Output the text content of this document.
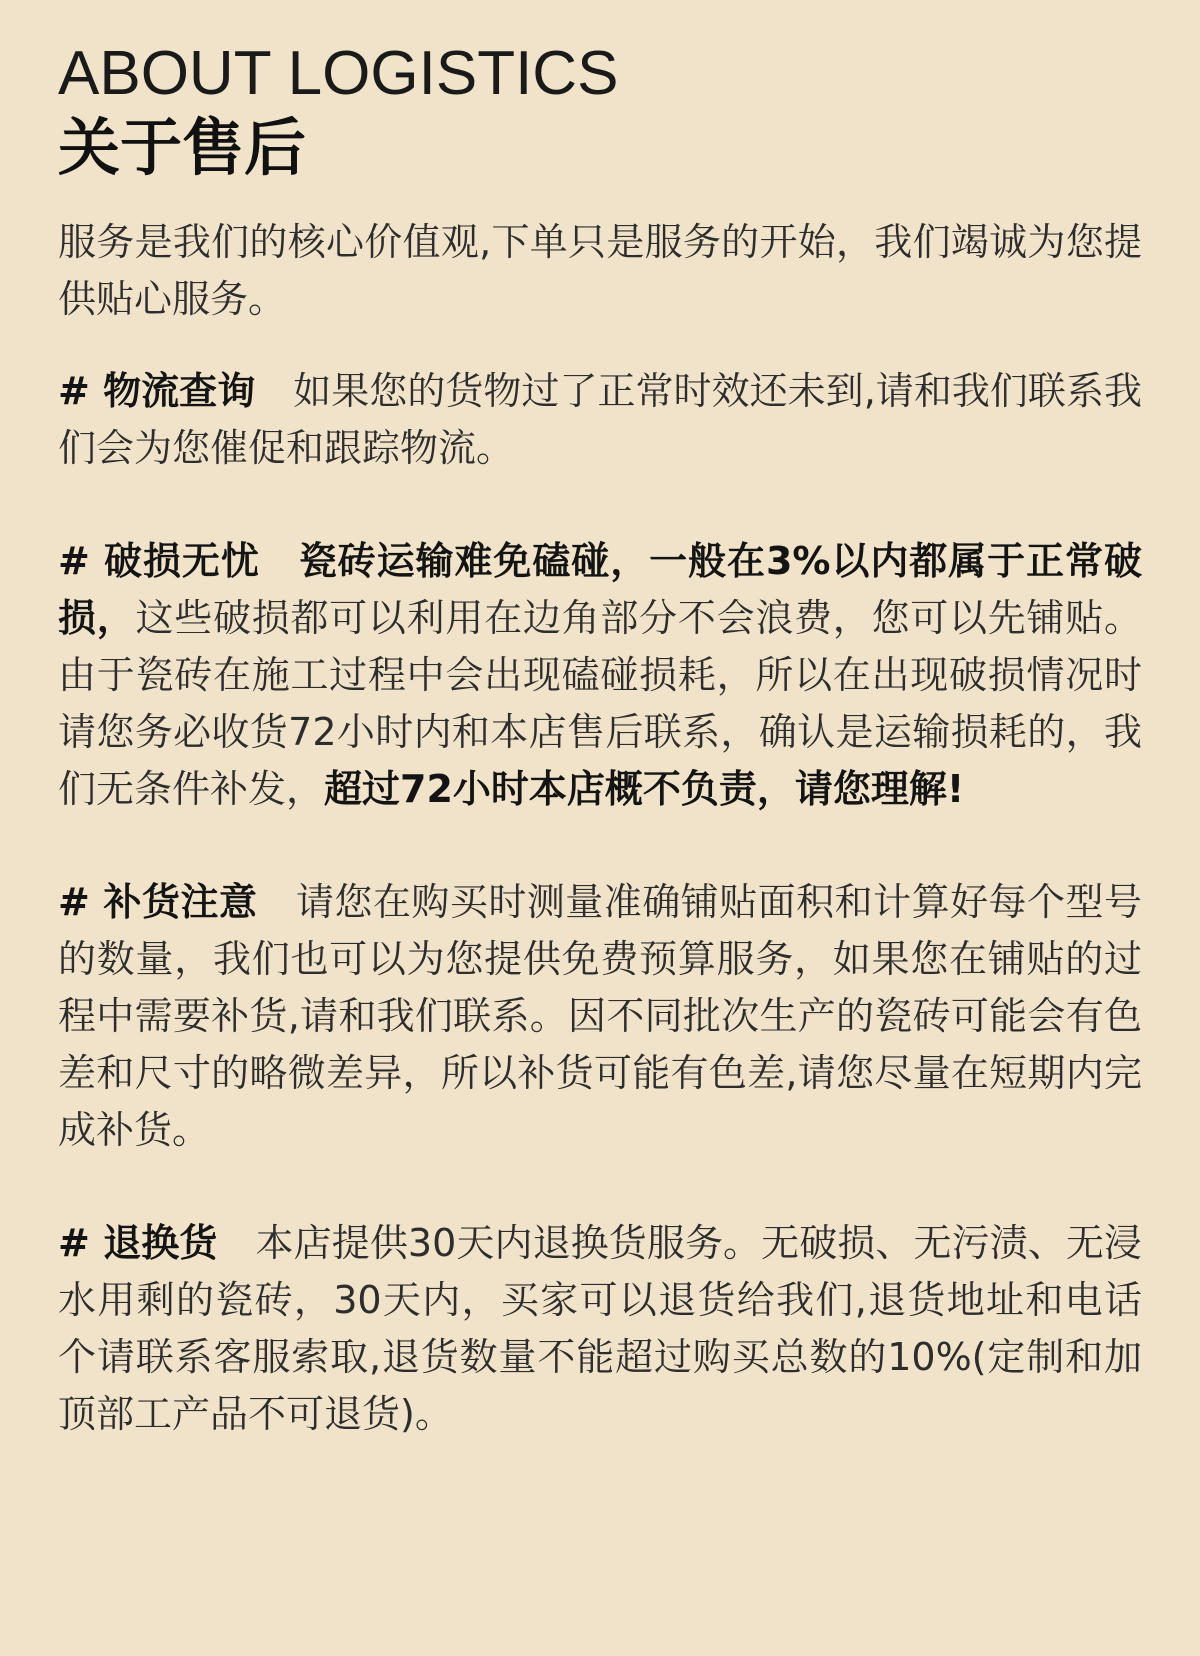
ABOUT LOGISTICS
关于售后
服务是我们的核心价值观,下单只是服务的开始，我们竭诚为您提供贴心服务。
# 物流查询 如果您的货物过了正常时效还未到,请和我们联系我们会为您催促和跟踪物流。
# 破损无忧 瓷砖运输难免磕碰，一般在3%以内都属于正常破损，这些破损都可以利用在边角部分不会浪费，您可以先铺贴。由于瓷砖在施工过程中会出现磕碰损耗，所以在出现破损情况时请您务必收货72小时内和本店售后联系，确认是运输损耗的，我们无条件补发，超过72小时本店概不负责，请您理解!
# 补货注意 请您在购买时测量准确铺贴面积和计算好每个型号的数量，我们也可以为您提供免费预算服务，如果您在铺贴的过程中需要补货,请和我们联系。因不同批次生产的瓷砖可能会有色差和尺寸的略微差异，所以补货可能有色差,请您尽量在短期内完成补货。
# 退换货 本店提供30天内退换货服务。无破损、无污渍、无浸水用剩的瓷砖，30天内，买家可以退货给我们,退货地址和电话个请联系客服索取,退货数量不能超过购买总数的10%(定制和加顶部工产品不可退货)。
